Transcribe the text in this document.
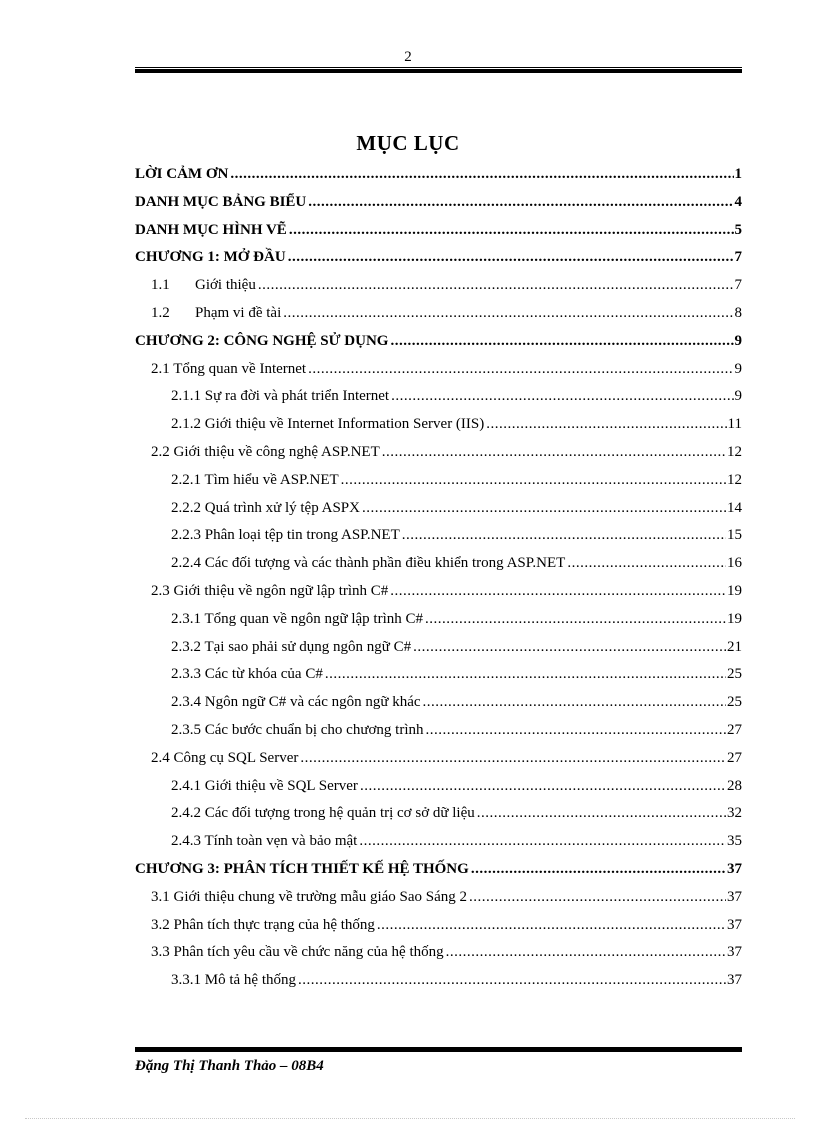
2
MỤC LỤC
LỜI CẢM ƠN .....	1
DANH MỤC BẢNG BIỂU .....	4
DANH MỤC HÌNH VẼ .....	5
CHƯƠNG 1: MỞ ĐẦU .....	7
1.1 Giới thiệu .....	7
1.2 Phạm vi đề tài .....	8
CHƯƠNG 2: CÔNG NGHỆ SỬ DỤNG .....	9
2.1 Tổng quan về Internet .....	9
2.1.1 Sự ra đời và phát triển Internet .....	9
2.1.2 Giới thiệu về Internet Information Server (IIS) .....	11
2.2 Giới thiệu về công nghệ ASP.NET .....	12
2.2.1 Tìm hiểu về ASP.NET .....	12
2.2.2 Quá trình xử lý tệp ASPX .....	14
2.2.3 Phân loại tệp tin trong ASP.NET .....	15
2.2.4 Các đối tượng và các thành phần điều khiển trong ASP.NET .....	16
2.3 Giới thiệu về ngôn ngữ lập trình C# .....	19
2.3.1 Tổng quan về ngôn ngữ lập trình C# .....	19
2.3.2 Tại sao phải sử dụng ngôn ngữ C# .....	21
2.3.3 Các từ khóa của C# .....	25
2.3.4 Ngôn ngữ C# và các ngôn ngữ khác .....	25
2.3.5 Các bước chuẩn bị cho chương trình .....	27
2.4 Công cụ SQL Server .....	27
2.4.1 Giới thiệu về SQL Server .....	28
2.4.2 Các đối tượng trong hệ quản trị cơ sở dữ liệu .....	32
2.4.3 Tính toàn vẹn và bảo mật .....	35
CHƯƠNG 3: PHÂN TÍCH THIẾT KẾ HỆ THỐNG .....	37
3.1 Giới thiệu chung về trường mẫu giáo Sao Sáng 2 .....	37
3.2 Phân tích thực trạng của hệ thống .....	37
3.3 Phân tích yêu cầu về chức năng của hệ thống .....	37
3.3.1 Mô tả hệ thống .....	37
Đặng Thị Thanh Thảo – 08B4
